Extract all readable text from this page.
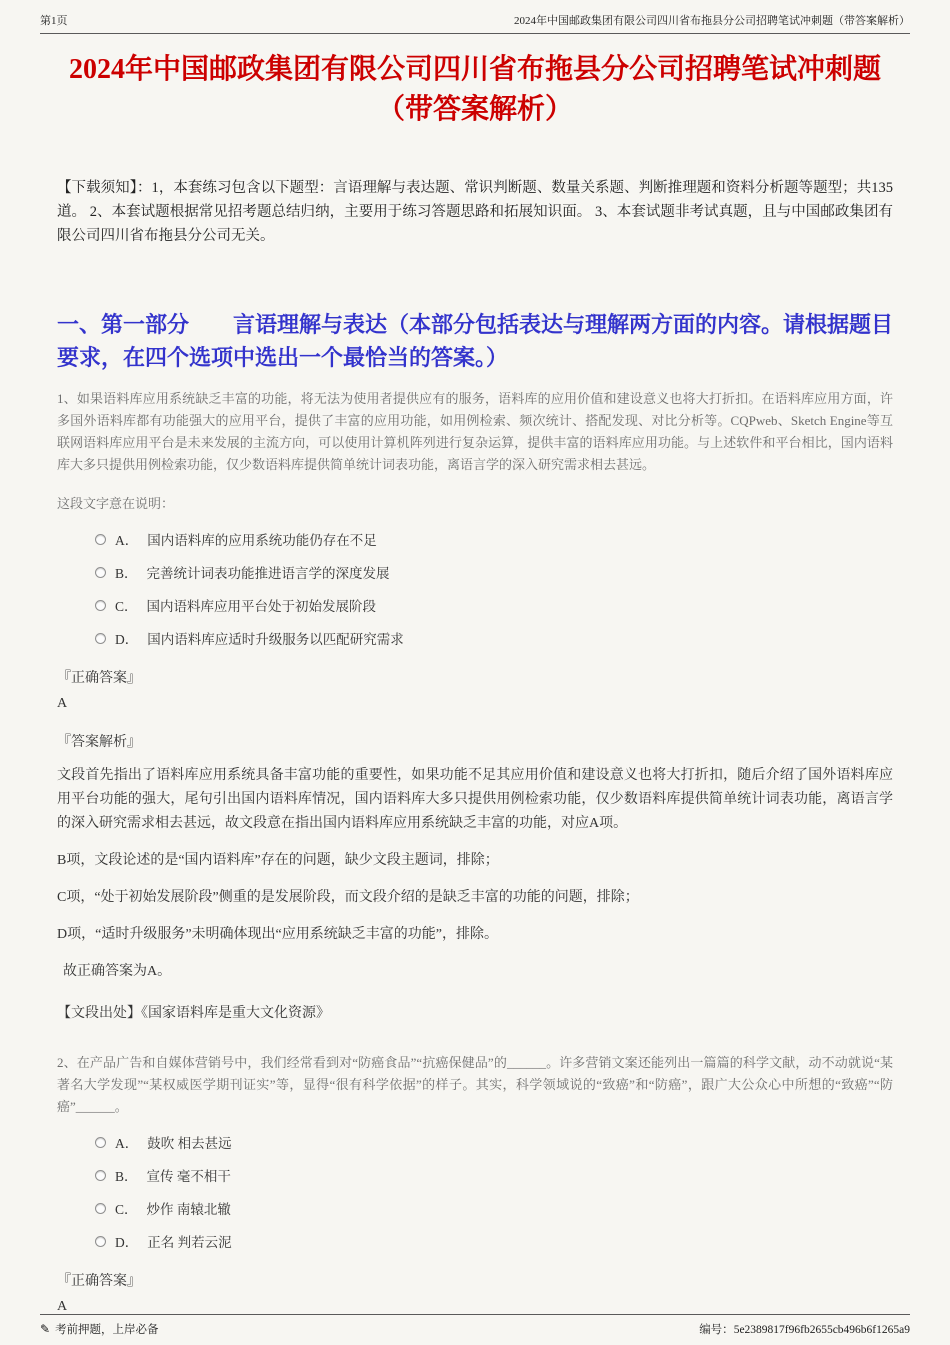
第1页	2024年中国邮政集团有限公司四川省布拖县分公司招聘笔试冲刺题（带答案解析）
2024年中国邮政集团有限公司四川省布拖县分公司招聘笔试冲刺题（带答案解析）

【下载须知】：1，本套练习包含以下题型：言语理解与表达题、常识判断题、数量关系题、判断推理题和资料分析题等题型；共135道。 2、本套试题根据常见招考题总结归纳，主要用于练习答题思路和拓展知识面。 3、本套试题非考试真题，且与中国邮政集团有限公司四川省布拖县分公司无关。

一、第一部分　　言语理解与表达（本部分包括表达与理解两方面的内容。请根据题目要求，在四个选项中选出一个最恰当的答案。）

1、如果语料库应用系统缺乏丰富的功能，将无法为使用者提供应有的服务，语料库的应用价值和建设意义也将大打折扣。在语料库应用方面，许多国外语料库都有功能强大的应用平台，提供了丰富的应用功能，如用例检索、频次统计、搭配发现、对比分析等。CQPweb、Sketch Engine等互联网语料库应用平台是未来发展的主流方向，可以使用计算机阵列进行复杂运算，提供丰富的语料库应用功能。与上述软件和平台相比，国内语料库大多只提供用例检索功能，仅少数语料库提供简单统计词表功能，离语言学的深入研究需求相去甚远。

这段文字意在说明：

A． 国内语料库的应用系统功能仍存在不足
B． 完善统计词表功能推进语言学的深度发展
C． 国内语料库应用平台处于初始发展阶段
D． 国内语料库应适时升级服务以匹配研究需求

『正确答案』

A

『答案解析』

文段首先指出了语料库应用系统具备丰富功能的重要性，如果功能不足其应用价值和建设意义也将大打折扣，随后介绍了国外语料库应用平台功能的强大，尾句引出国内语料库情况，国内语料库大多只提供用例检索功能，仅少数语料库提供简单统计词表功能，离语言学的深入研究需求相去甚远，故文段意在指出国内语料库应用系统缺乏丰富的功能，对应A项。

B项，文段论述的是“国内语料库”存在的问题，缺少文段主题词，排除；

C项，“处于初始发展阶段”侧重的是发展阶段，而文段介绍的是缺乏丰富的功能的问题，排除；

D项，“适时升级服务”未明确体现出“应用系统缺乏丰富的功能”，排除。

故正确答案为A。

【文段出处】《国家语料库是重大文化资源》

2、在产品广告和自媒体营销号中，我们经常看到对“防癌食品”“抗癌保健品”的______。许多营销文案还能列出一篇篇的科学文献，动不动就说“某著名大学发现”“某权威医学期刊证实”等，显得“很有科学依据”的样子。其实，科学领域说的“致癌”和“防癌”，跟广大公众心中所想的“致癌”“防癌”______。

A． 鼓吹 相去甚远
B． 宣传 毫不相干
C． 炒作 南辕北辙
D． 正名 判若云泥

『正确答案』

A

✎ 考前押题，上岸必备	编号：5e2389817f96fb2655cb496b6f1265a9
